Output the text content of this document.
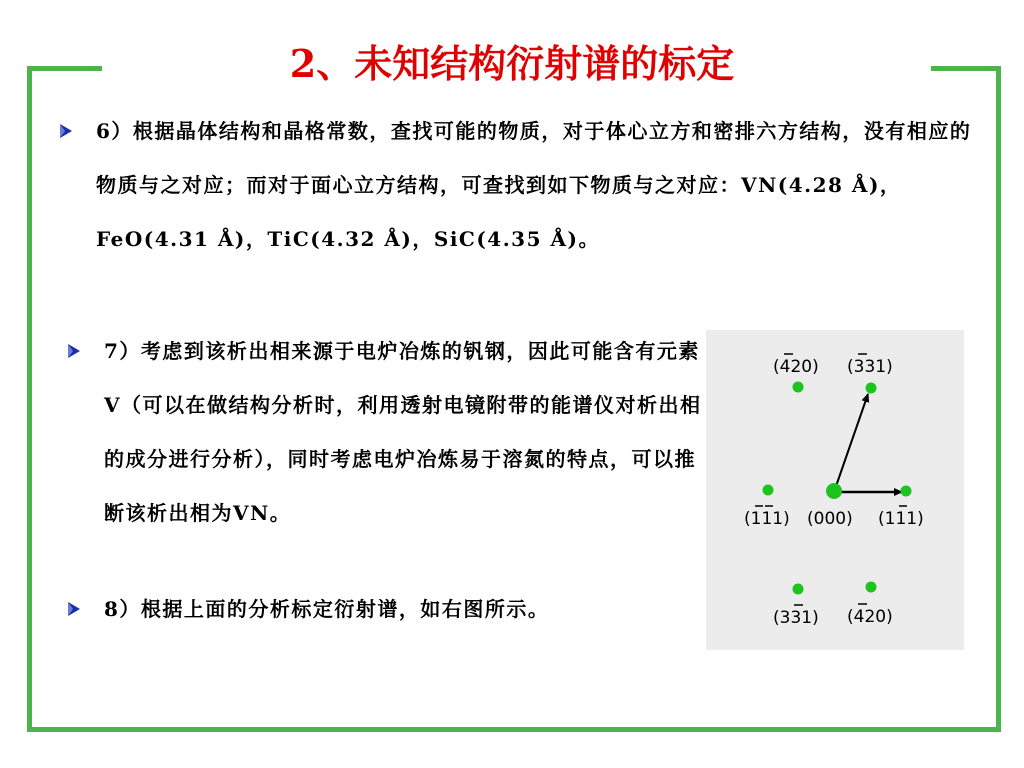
2、未知结构衍射谱的标定
6）根据晶体结构和晶格常数，查找可能的物质，对于体心立方和密排六方结构，没有相应的物质与之对应；而对于面心立方结构，可查找到如下物质与之对应：VN(4.28 Å)，FeO(4.31 Å)，TiC(4.32 Å)，SiC(4.35 Å)。
7）考虑到该析出相来源于电炉冶炼的钒钢，因此可能含有元素V（可以在做结构分析时，利用透射电镜附带的能谱仪对析出相的成分进行分析），同时考虑电炉冶炼易于溶氮的特点，可以推断该析出相为VN。
8）根据上面的分析标定衍射谱，如右图所示。
(420) (331)
(111) (000) (111)
(331) (420)
